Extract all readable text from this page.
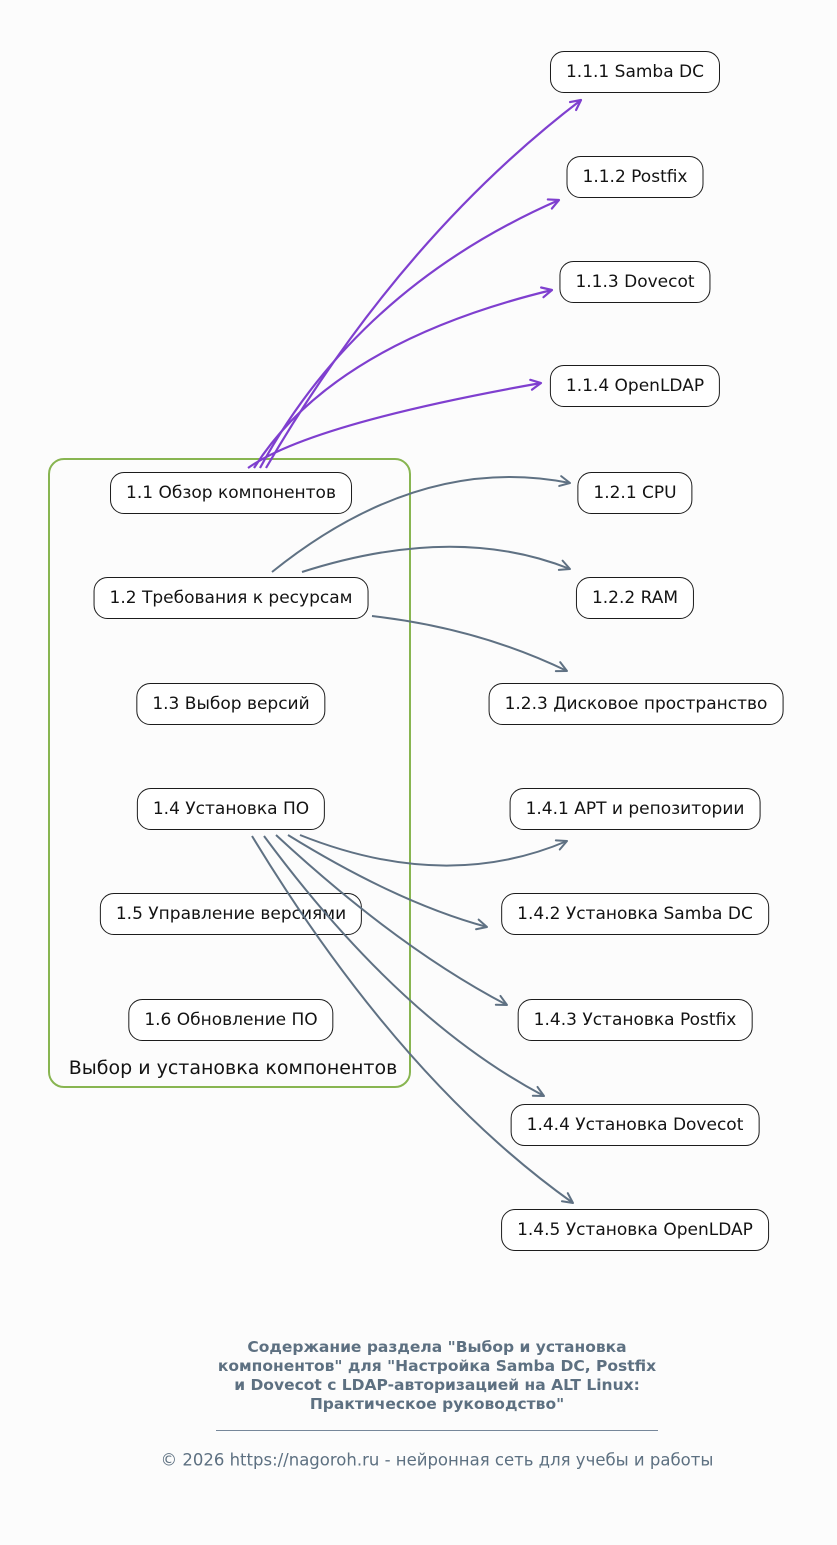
Выбор и установка компонентов
1.1 Обзор компонентов
1.2 Требования к ресурсам
1.3 Выбор версий
1.4 Установка ПО
1.5 Управление версиями
1.6 Обновление ПО
1.1.1 Samba DC
1.1.2 Postfix
1.1.3 Dovecot
1.1.4 OpenLDAP
1.2.1 CPU
1.2.2 RAM
1.2.3 Дисковое пространство
1.4.1 APT и репозитории
1.4.2 Установка Samba DC
1.4.3 Установка Postfix
1.4.4 Установка Dovecot
1.4.5 Установка OpenLDAP
Содержание раздела "Выбор и установка
компонентов" для "Настройка Samba DC, Postfix
и Dovecot с LDAP-авторизацией на ALT Linux:
Практическое руководство"
© 2026 https://nagoroh.ru - нейронная сеть для учебы и работы
